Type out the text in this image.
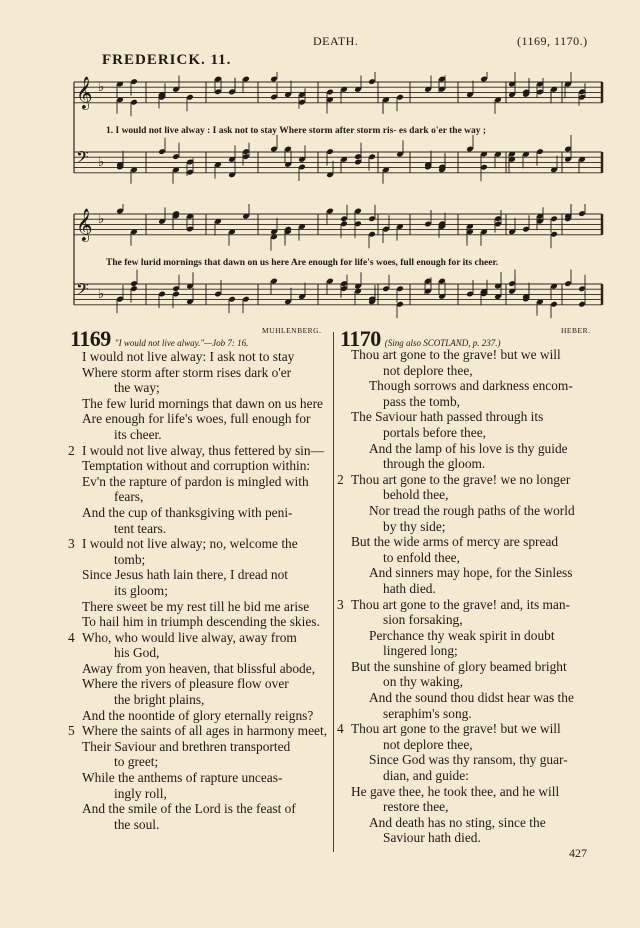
DEATH.	(1169, 1170.)
FREDERICK. 11.
𝄞 ♭
𝄢 ♭
1. I would not live alway : I ask not to stay Where storm after storm ris- es dark o'er the way ;
𝄞 ♭
𝄢 ♭
The few lurid mornings that dawn on us here Are enough for life's woes, full enough for its cheer.
1169 "I would not live alway."—Job 7: 16.
MUHLENBERG. 1170 (Sing also SCOTLAND, p. 237.)
HEBER.
I would not live alway: I ask not to stay
Where storm after storm rises dark o'er
the way;
The few lurid mornings that dawn on us here
Are enough for life's woes, full enough for
its cheer.
2 I would not live alway, thus fettered by sin—
Temptation without and corruption within:
Ev'n the rapture of pardon is mingled with
fears,
And the cup of thanksgiving with peni-
tent tears.
3 I would not live alway; no, welcome the
tomb;
Since Jesus hath lain there, I dread not
its gloom;
There sweet be my rest till he bid me arise
To hail him in triumph descending the skies.
4 Who, who would live alway, away from
his God,
Away from yon heaven, that blissful abode,
Where the rivers of pleasure flow over
the bright plains,
And the noontide of glory eternally reigns?
5 Where the saints of all ages in harmony meet,
Their Saviour and brethren transported
to greet;
While the anthems of rapture unceas-
ingly roll,
And the smile of the Lord is the feast of
the soul.
Thou art gone to the grave! but we will
not deplore thee,
Though sorrows and darkness encom-
pass the tomb,
The Saviour hath passed through its
portals before thee,
And the lamp of his love is thy guide
through the gloom.
2 Thou art gone to the grave! we no longer
behold thee,
Nor tread the rough paths of the world
by thy side;
But the wide arms of mercy are spread
to enfold thee,
And sinners may hope, for the Sinless
hath died.
3 Thou art gone to the grave! and, its man-
sion forsaking,
Perchance thy weak spirit in doubt
lingered long;
But the sunshine of glory beamed bright
on thy waking,
And the sound thou didst hear was the
seraphim's song.
4 Thou art gone to the grave! but we will
not deplore thee,
Since God was thy ransom, thy guar-
dian, and guide:
He gave thee, he took thee, and he will
restore thee,
And death has no sting, since the
Saviour hath died.
427
